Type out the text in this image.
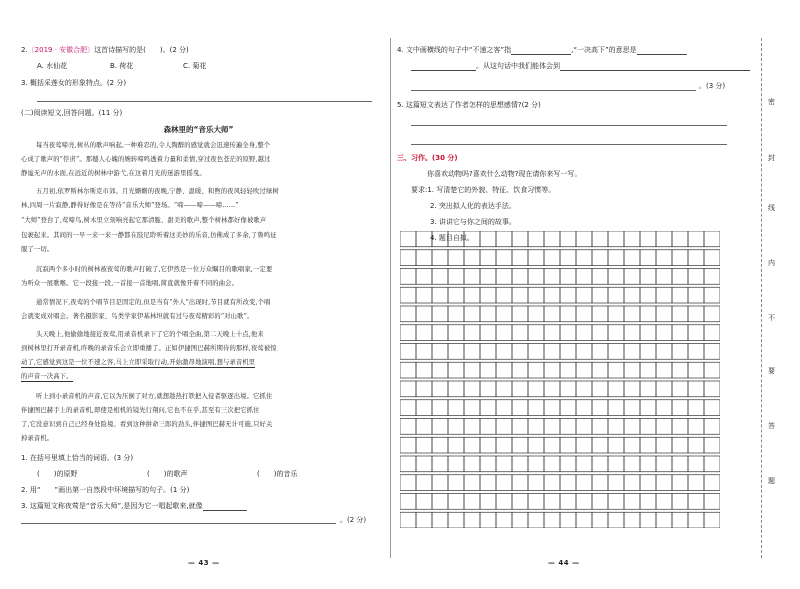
2.〔2019 · 安徽合肥〕这首诗描写的是(　　)。(2 分)
A. 水仙花	B. 荷花	C. 菊花
3. 概括采莲女的形象特点。(2 分)
(二)阅读短文,回答问题。(11 分)
森林里的“音乐大师”
每当夜莺啼亮,树丛的歌声响起,一种难忍的,令人陶醉的感觉就会迅速传遍全身,整个
心成了歌声的“俘虏”。那撼人心魄的婉转啼鸣透着力量和柔情,穿过夜色苍茫的原野,越过
静谧无声的水面,在远近的树林中游弋,在这着月光的迷游里摇曳。
五月初,依罗斯林尔斯克市郊。月光姗姗的夜晚,宁静、温暖、和煦的夜风轻轻吹过绿树
林,四周一片寂静,静得好像是在等待“音乐大师”登场。“啼——啼——啼……”
“大师”登台了,莺啼鸟,树木里立刻响亮起它那清脆、甜美的歌声,整个树林都好像被歌声
包裹起来。其间的一早一来一来一静都在肢尼聆听着这美妙的乐音,仿佛成了多余,了鲁鸣征
服了一切。
沉寂两个多小时的树林被夜莺的歌声打破了,它伊然是一位万众瞩目的歌唱家,一定要
为听众一展歌喉。它一段接一段,一首接一首地唱,简直就像开着不同的曲会。
通常情况下,夜莺的个唱节目是固定的,但是当有“外人”出现时,节目就有所改变,个唱
会就变成对唱会。著名摄影家、鸟类学家伊基林坦就有过与夜莺精彩的“对山歌”。
头天晚上,他偷偷地接近夜莺,用录音机录下了它的个唱全曲,第二天晚上十点,他来
到树林里打开录音机,昨晚的录音乐会立即重播了。正如伊捷图巴赫所期待的那样,夜莺被惊
动了,它感觉到这是一位不速之客,马上立即采取行动,开始激昂地演唱,想与录音机里
的声音一决高下。
听上到小录音机的声音,它以为压倒了对方,就想趁热打铁把入侵者驱逐出境。它抓住
伴捷图巴赫手上的录音机,即使是相机的镜先行翔问,它也不在乎,甚至有三次把它抓住
了,它没意识到自己已经身处险境。看到这种拼命三郎的劲头,伴捷图巴赫无计可施,只好关
掉录音机。
1. 在括号里填上恰当的词语。(3 分)
(　　)的原野	(　　)的歌声	(　　)的音乐
2. 用“　　”画出第一自然段中环境描写的句子。(1 分)
3. 这篇短文称夜莺是“音乐大师”,是因为它一唱起歌来,就像
。(2 分)
— 43 —
4. 文中画横线的句子中“不速之客”指	,“一决高下”的意思是
。从这句话中我们能体会到
。(3 分)
5. 这篇短文表达了作者怎样的思想感情?(2 分)
三、习作。(30 分)
你喜欢动物吗?喜欢什么动物?现在请你来写一写。
要求:1. 写清楚它的外貌、特征、饮食习惯等。
2. 突出拟人化的表达手法。
3. 讲讲它与你之间的故事。
4. 题目自拟。
— 44 —
密
封
线
内
不
要
答
题
